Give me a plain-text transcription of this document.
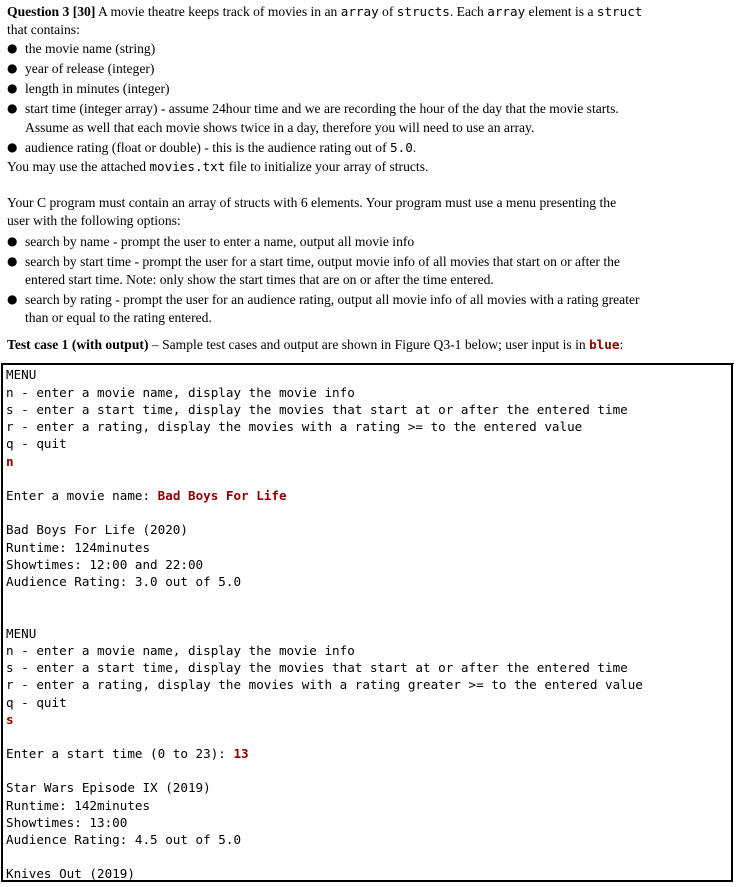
Question 3 [30] A movie theatre keeps track of movies in an array of structs. Each array element is a struct

that contains:

● the movie name (string)

● year of release (integer)

● length in minutes (integer)

● start time (integer array) - assume 24hour time and we are recording the hour of the day that the movie starts.

Assume as well that each movie shows twice in a day, therefore you will need to use an array.

● audience rating (float or double) - this is the audience rating out of 5.0.

You may use the attached movies.txt file to initialize your array of structs.

Your C program must contain an array of structs with 6 elements. Your program must use a menu presenting the

user with the following options:

● search by name - prompt the user to enter a name, output all movie info

● search by start time - prompt the user for a start time, output movie info of all movies that start on or after the

entered start time. Note: only show the start times that are on or after the time entered.

● search by rating - prompt the user for an audience rating, output all movie info of all movies with a rating greater

than or equal to the rating entered.

Test case 1 (with output) – Sample test cases and output are shown in Figure Q3-1 below; user input is in blue:

MENU

n - enter a movie name, display the movie info

s - enter a start time, display the movies that start at or after the entered time

r - enter a rating, display the movies with a rating >= to the entered value

q - quit

n

Enter a movie name: Bad Boys For Life

Bad Boys For Life (2020)

Runtime: 124minutes

Showtimes: 12:00 and 22:00

Audience Rating: 3.0 out of 5.0

MENU

n - enter a movie name, display the movie info

s - enter a start time, display the movies that start at or after the entered time

r - enter a rating, display the movies with a rating greater >= to the entered value

q - quit

s

Enter a start time (0 to 23): 13

Star Wars Episode IX (2019)

Runtime: 142minutes

Showtimes: 13:00

Audience Rating: 4.5 out of 5.0

Knives Out (2019)
